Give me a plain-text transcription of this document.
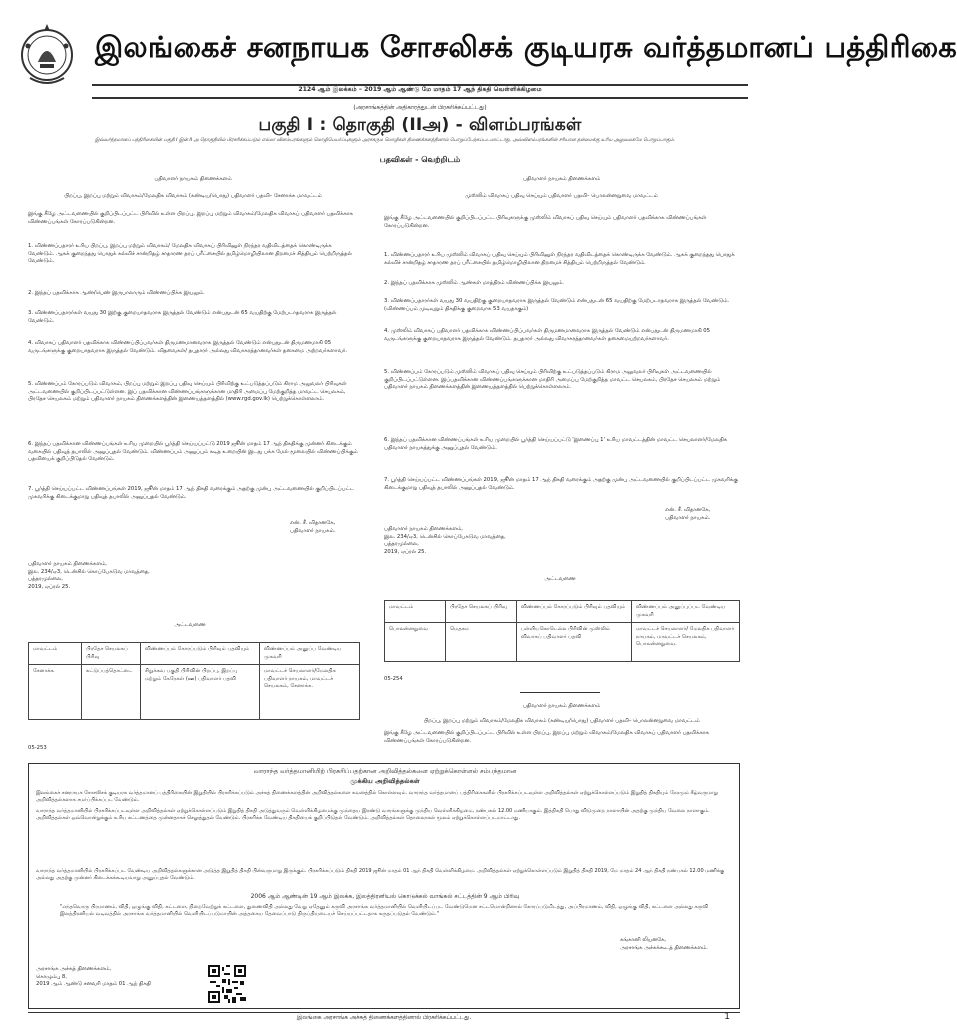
இலங்கைச் சனநாயக சோசலிசக் குடியரசு வர்த்தமானப் பத்திரிகை
2124 ஆம் இலக்கம் – 2019 ஆம் ஆண்டு மே மாதம் 17 ஆந் திகதி வெள்ளிக்கிழமை
(அரசாங்கத்தின் அதிகாரத்துடன் பிரசுரிக்கப்பட்டது)
பகுதி I : தொகுதி (IIஅ) - விளம்பரங்கள்
இவ்வர்த்தமானப் பத்திரிகையின் பகுதி I இன் II அ தொகுதியில் பிரசுரிக்கப்படும் எல்லா விளம்பரங்களும் மொழிபெயர்ப்புகளும் அரசகரும மொழிகள் திணைக்களத்தினால் பொறுப்பேற்கப்படமாட்டாது. அவ்விளம்பரங்களின் சரியான தன்மைக்கு உரிய அலுவலகமே பொறுப்பாகும்.
பதவிகள் - வெற்றிடம்
பதிவாளர் நாயகம் திணைக்களம்
பிறப்பு, இறப்பு மற்றும் விவாகம்/மேலதிக விவாகம் (கண்டிய/பொது) பதிவாளர் பதவி– சேனாக்க மாவட்டம்
இங்கு கீழே அட்டவணையில் குறிப்பிடப்பட்ட பிரிவில் உள்ள பிறப்பு, இறப்பு மற்றும் விவாகம்/மேலதிக விவாகப் பதிவாளர் பதவிக்காக விண்ணப்பங்கள் கோரப்படுகின்றன.
1. விண்ணப்பதாரர் உரிய பிறப்பு, இறப்பு மற்றும் விவாகம்/ மேலதிக விவாகப் பிரிவினுள் நிரந்தர வதிவிடத்தைக் கொண்டிருக்க வேண்டும். ஆகக் குறைந்தது பொதுக் கல்விச் சான்றிதழ் சாதாரண தரப் பரீட்சையில் தமிழ்மொழியிலான திறமைச் சித்தியும் பெற்றிருத்தல் வேண்டும்.
2. இந்தப் பதவிக்காக ஆண்/பெண் இருபாலாரும் விண்ணப்பிக்க இயலும்.
3. விண்ணப்பதாரர்கள் வயது 30 இற்கு குறையாதவராக இருத்தல் வேண்டும் என்பதுடன் 65 வயதிற்கு மேற்படாதவராக இருத்தல் வேண்டும்.
4. விவாகப் பதிவாளர் பதவிக்காக விண்ணப்பிப்பவர்கள் திருமணமானவராக இருத்தல் வேண்டும் என்பதுடன் திருமணமாகி 05 வருடங்களுக்கு குறையாதவராக இருத்தல் வேண்டும். விதவைகள்/ தபுதாரர் அல்லது விவாகரத்தானவர்கள் தகைமை அற்றவர்களாவர்.
5. விண்ணப்பம் கோரப்படும் விவாகம், பிறப்பு மற்றும் இறப்பு பதிவு செய்யும் பிரிவிற்கு உட்படுத்தப்படும் கிராம அலுவலர் பிரிவுகள் அட்டவணையில் குறிப்பிடப்பட்டுள்ளன. இப் பதவிக்கான விண்ணப்பங்களுக்கான மாதிரி அமைப்பு மேற்குறித்த மாவட்ட செயலகம், பிரதேச செயலகம் மற்றும் பதிவாளர் நாயகம் திணைக்களத்தின் இணையத்தளத்தில் (www.rgd.gov.lk) பெற்றுக்கொள்ளலாம்.
6. இந்தப் பதவிக்கான விண்ணப்பங்கள் உரிய முறையில் பூர்த்தி செய்யப்பட்டு 2019 ஜூன் மாதம் 17 ஆந் திகதிக்கு முன்னர் கிடைக்கும் வகையில் பதிவுத் தபாலில் அனுப்புதல் வேண்டும். விண்ணப்பம் அனுப்பும் கடித உறையின் இடது பக்க மேல் மூலையில் விண்ணப்பிக்கும் பதவியைக் குறிப்பிடுதல் வேண்டும்.
7. பூர்த்தி செய்யப்பட்ட விண்ணப்பங்கள் 2019, ஜூன் மாதம் 17 ஆந் திகதி வரைக்கும் அதற்கு முன்பு அட்டவணையில் குறிப்பிடப்பட்ட முகவரிக்கு கிடைக்குமாறு பதிவுத் தபாலில் அனுப்புதல் வேண்டும்.
என். சீ. விதானகே,
பதிவாளர் நாயகம்.
பதிவாளர் நாயகம் திணைக்களம்,
இல. 234/ஏ3, டென்சில் கொப்பேகடுவ மாவத்தை,
பத்தரமுல்லை,
2019, ஏப்ரல் 25.
அட்டவணை
05-253
மாவட்டம்	பிரதேச செயலகப் பிரிவு	விண்ணப்பம் கோரப்படும் பிரிவும் பதவியும்	விண்ணப்பம் அனுப்ப வேண்டிய முகவரி
சேனாக்க	கட்டுப்பத்தொட்டை	சிறுக்கவ பகுதி பிரிவின் பிறப்பு, இறப்பு மற்றும் கேரேகள் (ஊ) பதிவாளர் பதவி	மாவட்டச் செயலாளர்/மேலதிக பதிவாளர் நாயகம், மாவட்டச் செயலகம், சேனாக்க.
பதிவாளர் நாயகம் திணைக்களம்
முஸ்லிம் விவாகப் பதிவு செய்யும் பதிவாளர் பதவி– பொலன்னறுவை மாவட்டம்
இங்கு கீழே அட்டவணையில் குறிப்பிடப்பட்ட பிரிவுகளுக்கு முஸ்லிம் விவாகப் பதிவு செய்யும் பதிவாளர் பதவிக்காக விண்ணப்பங்கள் கோரப்படுகின்றன.
1. விண்ணப்பதாரர் உரிய முஸ்லிம் விவாகப் பதிவு செய்யும் பிரிவினுள் நிரந்தர வதிவிடத்தைக் கொண்டிருக்க வேண்டும். ஆகக் குறைந்தது பொதுக் கல்விச் சான்றிதழ் சாதாரண தரப் பரீட்சையில் தமிழ்மொழியிலான திறமைச் சித்தியும் பெற்றிருத்தல் வேண்டும்.
2. இந்தப் பதவிக்காக முஸ்லிம் ஆண்கள் மாத்திரம் விண்ணப்பிக்க இயலும்.
3. விண்ணப்பதாரர்கள் வயது 30 வயதிற்கு குறையாதவராக இருத்தல் வேண்டும் என்பதுடன் 65 வயதிற்கு மேற்படாதவராக இருத்தல் வேண்டும். (விண்ணப்பம் முடிவுறும் திகதிக்கு குறைவாக 53 வயதாகும்)
4. முஸ்லிம் விவாகப் பதிவாளர் பதவிக்காக விண்ணப்பிப்பவர்கள் திருமணமானவராக இருத்தல் வேண்டும் என்பதுடன் திருமணமாகி 05 வருடங்களுக்கு குறையாதவராக இருத்தல் வேண்டும். தபுதாரர் அல்லது விவாகரத்தானவர்கள் தகைமையற்றவர்களாவர்.
5. விண்ணப்பம் கோரப்படும் முஸ்லிம் விவாகப் பதிவு செய்யும் பிரிவிற்கு உட்படுத்தப்படும் கிராம அலுவலர் பிரிவுகள் அட்டவணையில் குறிப்பிடப்பட்டுள்ளன. இப்பதவிக்கான விண்ணப்பங்களுக்கான மாதிரி அமைப்பு மேற்குறித்த மாவட்ட செயலகம், பிரதேச செயலகம் மற்றும் பதிவாளர் நாயகம் திணைக்களத்தின் இணையத்தளத்தில் பெற்றுக்கொள்ளலாம்.
6. இந்தப் பதவிக்கான விண்ணப்பங்கள் உரிய முறையில் பூர்த்தி செய்யப்பட்டு 'இணைப்பு 1' உரிய மாவட்டத்தின் மாவட்ட செயலாளர்/மேலதிக பதிவாளர் நாயகத்துக்கு அனுப்புதல் வேண்டும்.
7. பூர்த்தி செய்யப்பட்ட விண்ணப்பங்கள் 2019, ஜூன் மாதம் 17 ஆந் திகதி வரைக்கும் அதற்கு முன்பு அட்டவணையில் குறிப்பிடப்பட்ட முகவரிக்கு கிடைக்குமாறு பதிவுத் தபாலில் அனுப்புதல் வேண்டும்.
என். சீ. விதானகே,
பதிவாளர் நாயகம்.
பதிவாளர் நாயகம் திணைக்களம்,
இல. 234/ஏ3, டென்சில் கொப்பேகடுவ மாவத்தை,
பத்தரமுல்லை,
2019, ஏப்ரல் 25.
அட்டவணை
05-254
மாவட்டம்	பிரதேச செயலகப் பிரிவு	விண்ணப்பம் கோரப்படும் பிரிவும் பதவியும்	விண்ணப்பம் அனுப்புப்பட வேண்டிய முகவரி
பொலன்னறுவை	மெதகம	பள்ளியகொடெல்ல பிரிவின் முஸ்லிம் விவாகப் பதிவாளர் பதவி	மாவட்டச் செயலாளர்/ மேலதிக பதிவாளர் நாயகம், மாவட்டச் செயலகம், பொலன்னறுவை.
பதிவாளர் நாயகம் திணைக்களம்
பிறப்பு, இறப்பு மற்றும் விவாகம்/மேலதிக விவாகம் (கண்டிய/பொது) பதிவாளர் பதவி– பொலன்னறுவை மாவட்டம்
இங்கு கீழே அட்டவணையில் குறிப்பிடப்பட்ட பிரிவில் உள்ள பிறப்பு, இறப்பு மற்றும் விவாகம்/மேலதிக விவாகப் பதிவாளர் பதவிக்காக விண்ணப்பங்கள் கோரப்படுகின்றன.
வாராந்த வர்த்தமானியிற் பிரசுரிப்பதற்கான அறிவித்தல்களை ஏற்றுக்கொள்ளல் சம்பந்தமான
முக்கிய அறிவித்தல்கள்
இலங்கைச் சனநாயக சோசலிசக் குடியரசு வர்த்தமானப் பத்திரிகையின் இறுதியில் பிரசுரிக்கப்படும் அச்சுத் திணைக்களத்தின் அறிவித்தல்களை கவனத்தில் கொள்ளவும். வாராந்த வர்த்தமானப் பத்திரிகைகளில் பிரசுரிக்கப்படவுள்ள அறிவித்தல்கள் ஏற்றுக்கொள்ளப்படும் இறுதித் திகதியும் நேரமும் கீழ்வருமாறு அறிவித்தல்களாக சமர்ப்பிக்கப்பட வேண்டும்.
வாராந்த வர்த்தமானியில் பிரசுரிக்கப்படவுள்ள அறிவித்தல்கள் ஏற்றுக்கொள்ளப்படும் இறுதித் திகதி அடுத்துவரும் வெள்ளிக்கிழமைக்கு முந்தைய இரண்டு வாரங்களுக்கு முந்திய வெள்ளிக்கிழமை, நண்பகல் 12.00 மணியாகும். இத்திகதி பொது விடுமுறை நாளாயின் அதற்கு முந்திய வேலை நாளாகும். அறிவித்தல்கள் ஒவ்வொன்றுக்கும் உரிய கட்டணத்தை முன்னதாகச் செலுத்துதல் வேண்டும். பிரசுரிக்க வேண்டிய திகதியைக் குறிப்பிடுதல் வேண்டும். அறிவித்தல்கள் தொலைநகல் மூலம் ஏற்றுக்கொள்ளப்படமாட்டாது.
வாராந்த வர்த்தமானியில் பிரசுரிக்கப்பட வேண்டிய அறிவித்தல்களுக்கான அடுத்த இறுதித் திகதி பின்வருமாறு இருக்கும். பிரசுரிக்கப்படும் திகதி 2019 ஜூன் மாதம் 01 ஆந் திகதி வெள்ளிக்கிழமை. அறிவித்தல்கள் ஏற்றுக்கொள்ளப்படும் இறுதித் திகதி 2019, மே மாதம் 24 ஆந் திகதி நண்பகல் 12.00 மணிக்கு அல்லது அதற்கு முன்னர் கிடைக்கக்கூடியவாறு அனுப்புதல் வேண்டும்.
2006 ஆம் ஆண்டின் 19 ஆம் இலக்க, இலத்திரனியல் கொடுக்கல் வாங்கல் சட்டத்தின் 9 ஆம் பிரிவு
"எந்தவொரு பிரமாணம், விதி, ஒழுங்கு விதி, கட்டளை, நிறைவேற்றுக் கட்டளை, துணைவிதி அல்லது வேறு ஏதேனும் கருவி அரசாங்க வர்த்தமானியில் வெளியிடப்பட வேண்டுமென சட்டமொன்றினால் கோரப்படுமிடத்து, அப்பிரமாணம், விதி, ஒழுங்கு விதி, கட்டளை அல்லது கருவி இலத்திரனியல் வடிவத்தில் அரசாங்க வர்த்தமானியில் வெளியிடப்படுமாயின் அத்தகைய தேவைப்பாடு திருப்தியடையச் செய்யப்பட்டதாக கருதப்படுதல் வேண்டும்."
கங்கானி லியனகே,
அரசாங்க அச்சுக்கூடத் திணைக்களம்.
அரசாங்க அச்சுத் திணைக்களம்,
கொழும்பு 8,
2019 ஆம் ஆண்டு சனவரி மாதம் 01 ஆந் திகதி
இலங்கை அரசாங்க அச்சுத் திணைக்களத்தினால் பிரசுரிக்கப்பட்டது.	1
